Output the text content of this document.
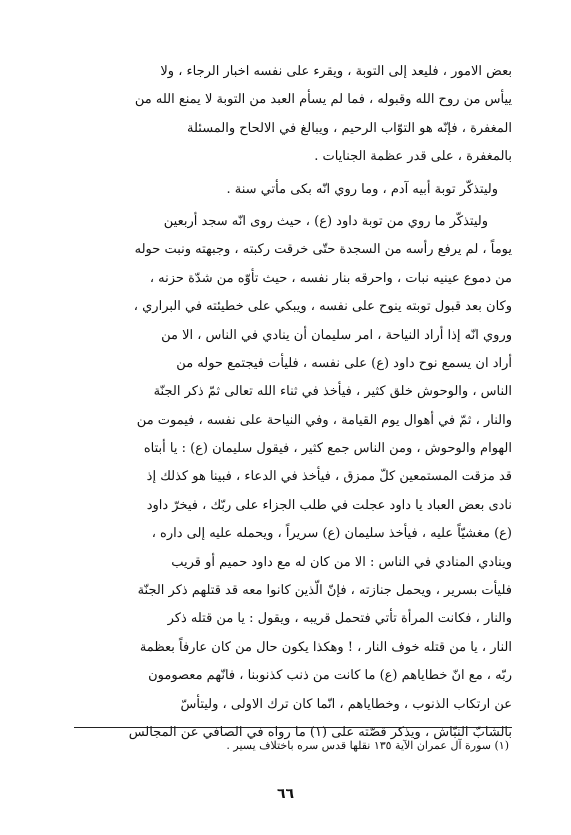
بعض الامور ، فليعد إلى التوبة ، ويقرء على نفسه اخبار الرجاء ، ولا
ييأس من روح الله وقبوله ، فما لم يسأم العبد من التوبة لا يمنع الله من
المغفرة ، فإنّه هو التوّاب الرحيم ، ويبالغ في الالحاح والمسئلة
بالمغفرة ، على قدر عظمة الجنايات .
وليتذكّر توبة أبيه آدم ، وما روي انّه بكى مأتي سنة .
وليتذكّر ما روي من توبة داود (ع) ، حيث روى انّه سجد أربعين
يوماً ، لم يرفع رأسه من السجدة حتّى خرقت ركبته ، وجبهته ونبت حوله
من دموع عينيه نبات ، واحرقه بنار نفسه ، حيث تأوّه من شدّة حزنه ،
وكان بعد قبول توبته ينوح على نفسه ، ويبكي على خطيئته في البراري ،
وروي انّه إذا أراد النياحة ، امر سليمان أن ينادي في الناس ، الا من
أراد ان يسمع نوح داود (ع) على نفسه ، فليأت فيجتمع حوله من
الناس ، والوحوش خلق كثير ، فيأخذ في ثناء الله تعالى ثمّ ذكر الجنّة
والنار ، ثمّ في أهوال يوم القيامة ، وفي النياحة على نفسه ، فيموت من
الهوام والوحوش ، ومن الناس جمع كثير ، فيقول سليمان (ع) : يا أبتاه
قد مزقت المستمعين كلّ ممزق ، فيأخذ في الدعاء ، فبينا هو كذلك إذ
نادى بعض العباد يا داود عجلت في طلب الجزاء على ربّك ، فيخرّ داود
(ع) مغشيّاً عليه ، فيأخذ سليمان (ع) سريراً ، ويحمله عليه إلى داره ،
وينادي المنادي في الناس : الا من كان له مع داود حميم أو قريب
فليأت بسرير ، ويحمل جنازته ، فإنّ الّذين كانوا معه قد قتلهم ذكر الجنّة
والنار ، فكانت المرأة تأتي فتحمل قريبه ، ويقول : يا من قتله ذكر
النار ، يا من قتله خوف النار ، ! وهكذا يكون حال من كان عارفاً بعظمة
ربّه ، مع انّ خطاياهم (ع) ما كانت من ذنب كذنوبنا ، فانّهم معصومون
عن ارتكاب الذنوب ، وخطاياهم ، انّما كان ترك الاولى ، وليتأسّ
بالشابّ النبّاش ، ويذكر قصّته على (١) ما رواه في الصافي عن المجالس
(١) سورة آل عمران الآية ١٣٥ نقلها قدس سره باختلاف يسير .
٦٦
